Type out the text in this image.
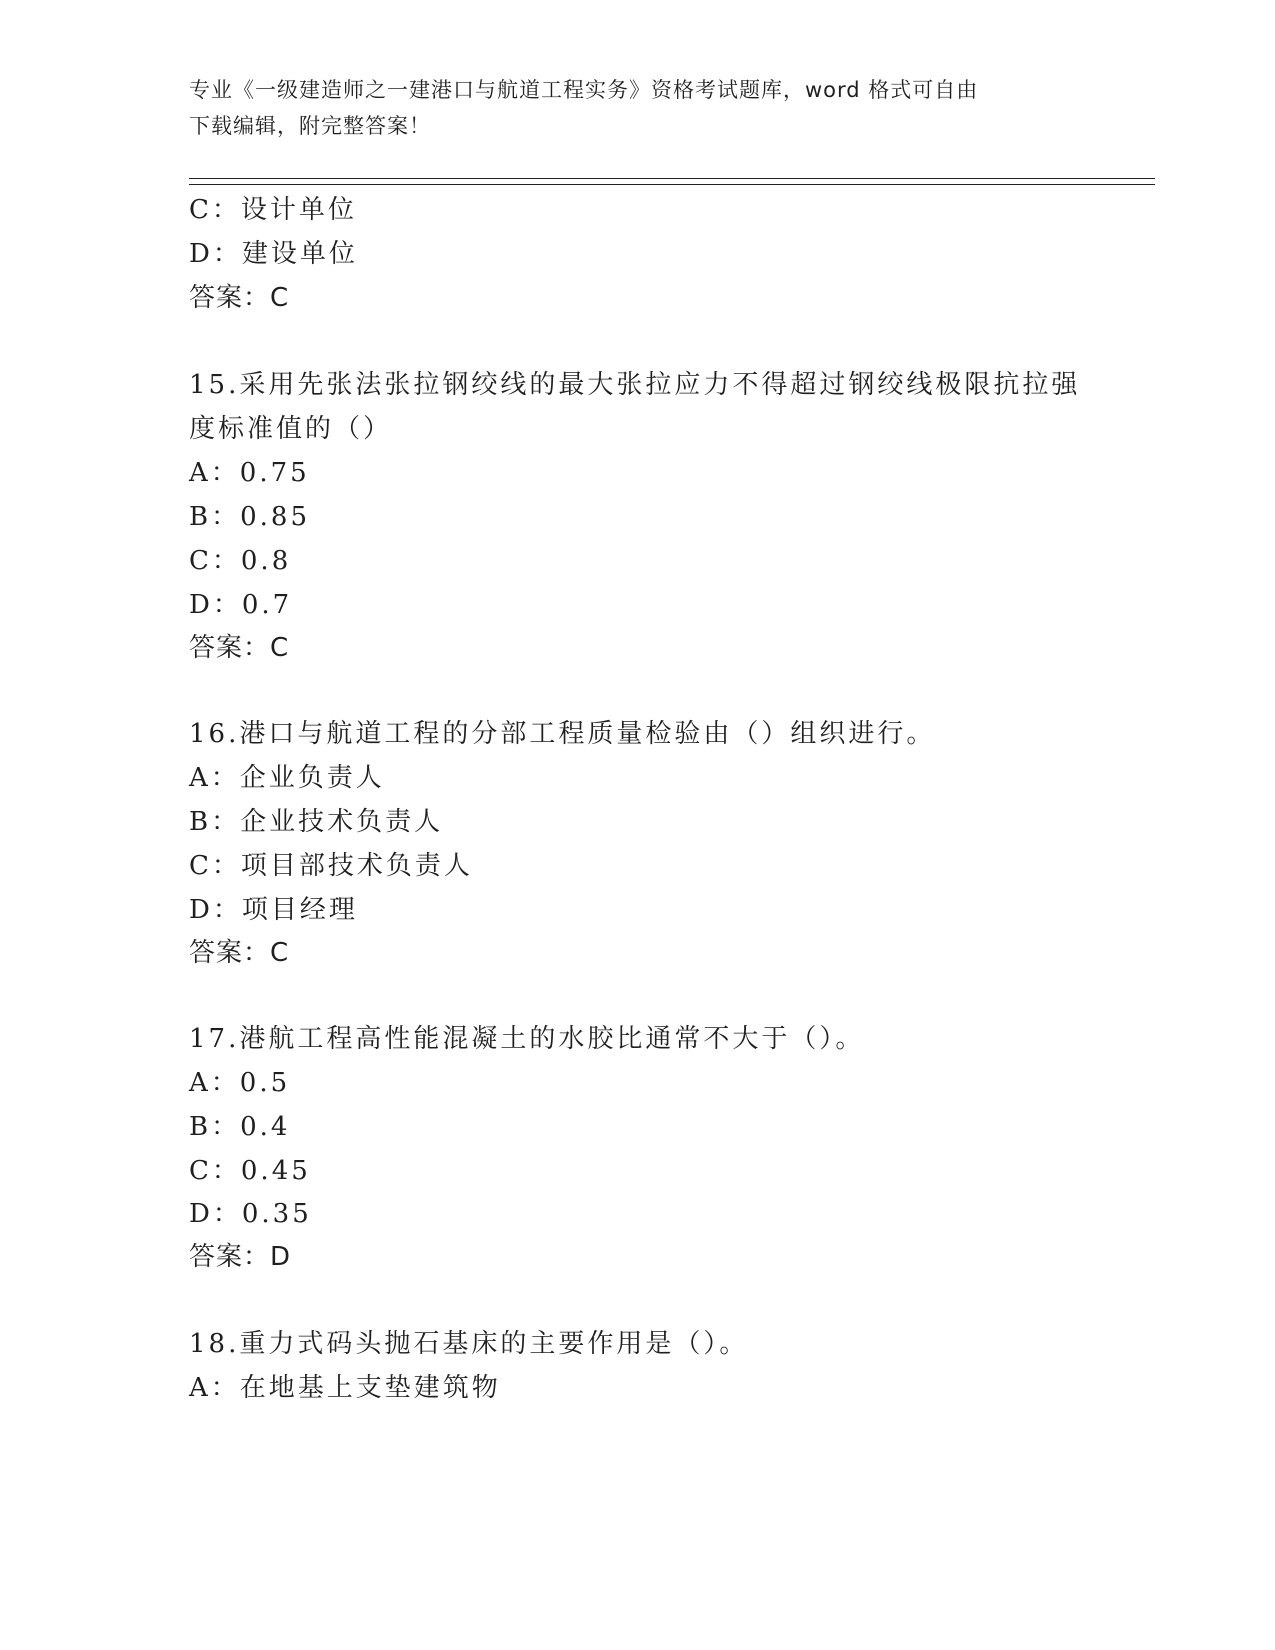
专业《一级建造师之一建港口与航道工程实务》资格考试题库，word 格式可自由
下载编辑，附完整答案！
C：设计单位
D：建设单位
答案：C
15.采用先张法张拉钢绞线的最大张拉应力不得超过钢绞线极限抗拉强
度标准值的（）
A：0.75
B：0.85
C：0.8
D：0.7
答案：C
16.港口与航道工程的分部工程质量检验由（）组织进行。
A：企业负责人
B：企业技术负责人
C：项目部技术负责人
D：项目经理
答案：C
17.港航工程高性能混凝土的水胶比通常不大于（）。
A：0.5
B：0.4
C：0.45
D：0.35
答案：D
18.重力式码头抛石基床的主要作用是（）。
A：在地基上支垫建筑物
